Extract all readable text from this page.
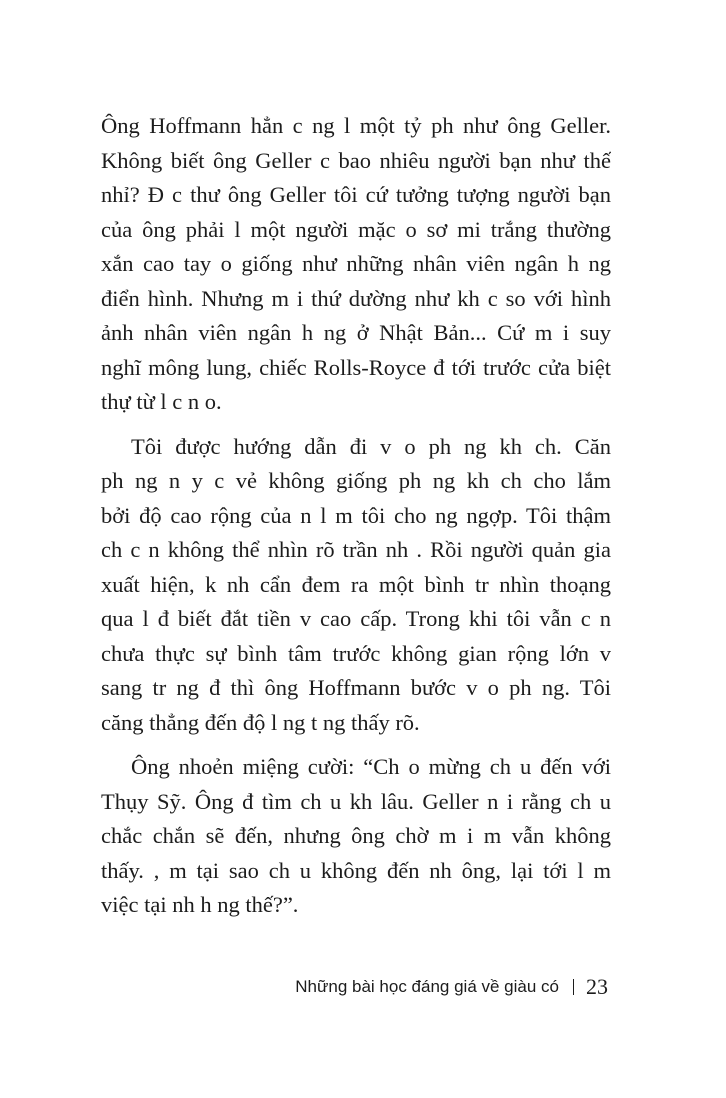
Ông Hoffmann hẳn c ng l một tỷ ph như ông Geller.
Không biết ông Geller c bao nhiêu người bạn như thế
nhỉ? Đ c thư ông Geller tôi cứ tưởng tượng người bạn
của ông phải l một người mặc o sơ mi trắng thường
xắn cao tay o giống như những nhân viên ngân h ng
điển hình. Nhưng m i thứ dường như kh c so với hình
ảnh nhân viên ngân h ng ở Nhật Bản... Cứ m i suy
nghĩ mông lung, chiếc Rolls-Royce đ tới trước cửa biệt
thự từ l c n o.

Tôi được hướng dẫn đi v o ph ng kh ch. Căn
ph ng n y c vẻ không giống ph ng kh ch cho lắm
bởi độ cao rộng của n l m tôi cho ng ngợp. Tôi thậm
ch c n không thể nhìn rõ trần nh . Rồi người quản gia
xuất hiện, k nh cẩn đem ra một bình tr nhìn thoạng
qua l đ biết đắt tiền v cao cấp. Trong khi tôi vẫn c n
chưa thực sự bình tâm trước không gian rộng lớn v
sang tr ng đ thì ông Hoffmann bước v o ph ng. Tôi
căng thẳng đến độ l ng t ng thấy rõ.

Ông nhoẻn miệng cười: “Ch o mừng ch u đến với
Thụy Sỹ. Ông đ tìm ch u kh lâu. Geller n i rằng ch u
chắc chắn sẽ đến, nhưng ông chờ m i m vẫn không
thấy. , m tại sao ch u không đến nh ông, lại tới l m
việc tại nh h ng thế?”.

Những bài học đáng giá về giàu có 23
